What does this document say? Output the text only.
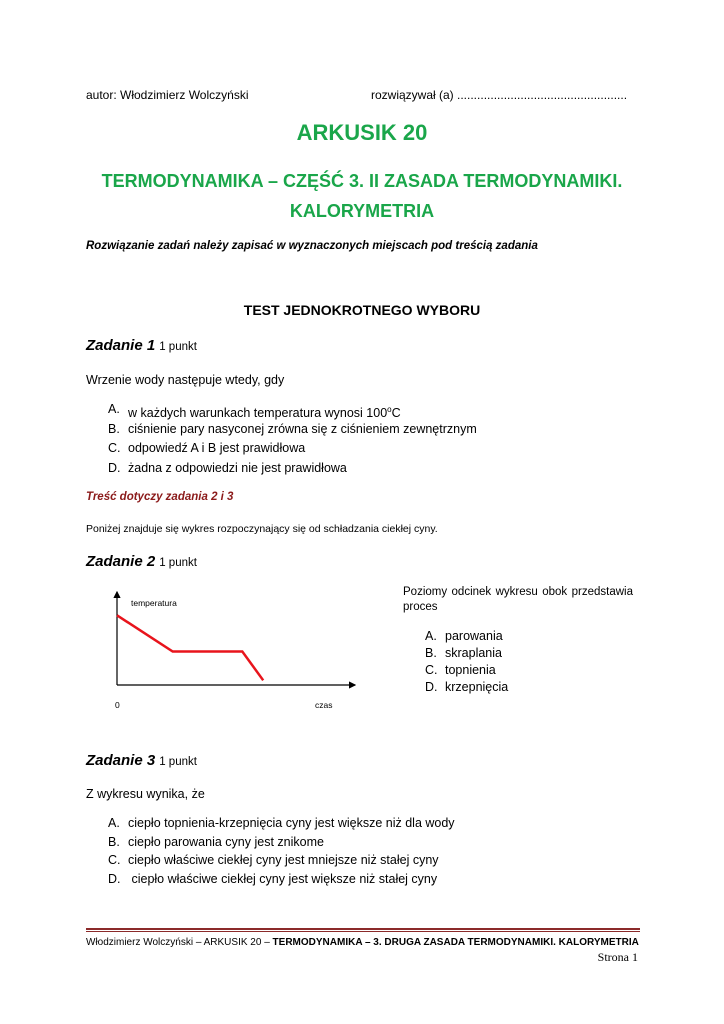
autor: Włodzimierz Wolczyński	rozwiązywał (a) ...................................................
ARKUSIK 20
TERMODYNAMIKA – CZĘŚĆ 3. II ZASADA TERMODYNAMIKI.
KALORYMETRIA
Rozwiązanie zadań należy zapisać w wyznaczonych miejscach pod treścią zadania
TEST JEDNOKROTNEGO WYBORU
Zadanie 1 1 punkt
Wrzenie wody następuje wtedy, gdy
A. w każdych warunkach temperatura wynosi 100$^o$C
B. ciśnienie pary nasyconej zrówna się z ciśnieniem zewnętrznym
C. odpowiedź A i B jest prawidłowa
D. żadna z odpowiedzi nie jest prawidłowa
Treść dotyczy zadania 2 i 3
Poniżej znajduje się wykres rozpoczynający się od schładzania ciekłej cyny.
Zadanie 2 1 punkt
temperatura
0	czas
Poziomy odcinek wykresu obok przedstawia
proces
A. parowania
B. skraplania
C. topnienia
D. krzepnięcia
Zadanie 3 1 punkt
Z wykresu wynika, że
A. ciepło topnienia-krzepnięcia cyny jest większe niż dla wody
B. ciepło parowania cyny jest znikome
C. ciepło właściwe ciekłej cyny jest mniejsze niż stałej cyny
D. ciepło właściwe ciekłej cyny jest większe niż stałej cyny
Włodzimierz Wolczyński – ARKUSIK 20 – TERMODYNAMIKA – 3. DRUGA ZASADA TERMODYNAMIKI. KALORYMETRIA
Strona 1
